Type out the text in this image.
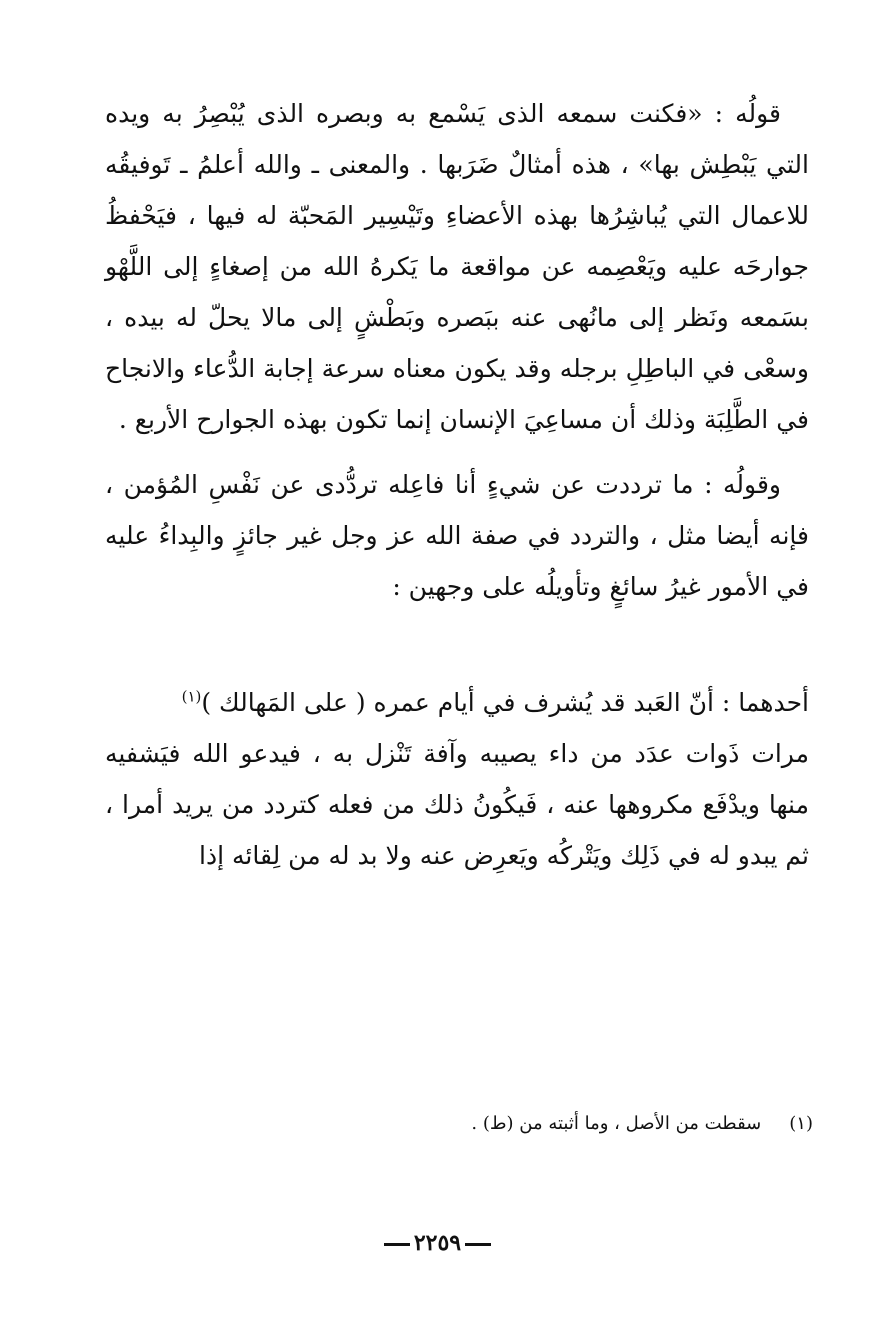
قولُه : «فكنت سمعه الذى يَسْمع به وبصره الذى يُبْصِرُ به ويده التي يَبْطِش بها» ، هذه أمثالٌ ضَرَبها . والمعنى ـ والله أعلمُ ـ تَوفيقُه للاعمال التي يُباشِرُها بهذه الأعضاءِ وتَيْسِير المَحبّة له فيها ، فيَحْفظُ جوارحَه عليه ويَعْصِمه عن مواقعة ما يَكرهُ الله من إصغاءٍ إلى اللَّهْو بسَمعه ونَظر إلى مانُهى عنه ببَصره وبَطْشٍ إلى مالا يحلّ له بيده ، وسعْى في الباطِلِ برجله وقد يكون معناه سرعة إجابة الدُّعاء والانجاح في الطَّلِبَة وذلك أن مساعِيَ الإنسان إنما تكون بهذه الجوارح الأربع .

وقولُه : ما ترددت عن شيءٍ أنا فاعِله تردُّدى عن نَفْسِ المُؤمن ، فإنه أيضا مثل ، والتردد في صفة الله عز وجل غير جائزٍ والبِداءُ عليه في الأمور غيرُ سائغٍ وتأويلُه على وجهين :

أحدهما : أنّ العَبد قد يُشرف في أيام عمره ( على المَهالك )$^{(١)}$
مرات ذَوات عدَد من داء يصيبه وآفة تَنْزل به ، فيدعو الله فيَشفيه منها ويدْفَع مكروهها عنه ، فَيكُونُ ذلك من فعله كتردد من يريد أمرا ، ثم يبدو له في ذَلِك ويَتْركُه ويَعرِض عنه ولا بد له من لِقائه إذا

(١)سقطت من الأصل ، وما أثبته من (ط) .
٢٢٥٩
